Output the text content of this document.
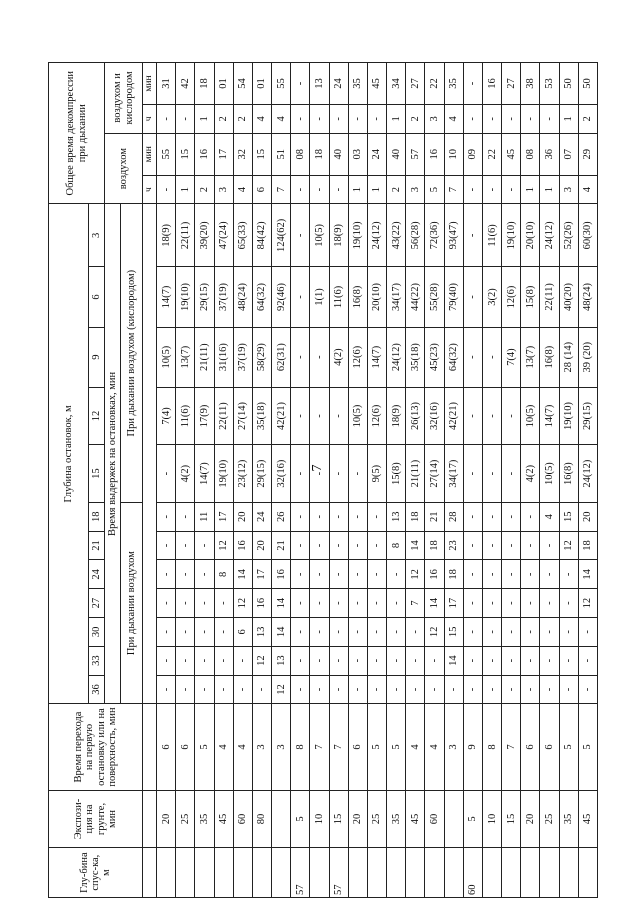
7
Глу-бина спус-ка, м	Экспози-ция на грунте, мин	Время перехода на первую остановку или на поверхность, мин	Глубина остановок, м												Общее время декомпрессии при дыхании			
			36	33	30	27	24	21	18	15	12	9	6	3				
			Время выдержек на остановках, мин												воздухом		воздухом и кислородом	
			При дыхании воздухом							При дыхании воздухом (кислородом)								
															ч	мин	ч	мин
	20	6	-	-	-	-	-	-	-	-	7(4)	10(5)	14(7)	18(9)	-	55	-	31
	25	6	-	-	-	-	-	-	-	4(2)	11(6)	13(7)	19(10)	22(11)	1	15	-	42
	35	5	-	-	-	-	-	-	11	14(7)	17(9)	21(11)	29(15)	39(20)	2	16	1	18
	45	4	-	-	-	-	8	12	17	19(10)	22(11)	31(16)	37(19)	47(24)	3	17	2	01
	60	4	-	-	6	12	14	16	20	23(12)	27(14)	37(19)	48(24)	65(33)	4	32	2	54
	80	3	-	12	13	16	17	20	24	29(15)	35(18)	58(29)	64(32)	84(42)	6	15	4	01
		3	12	13	14	14	16	21	26	32(16)	42(21)	62(31)	92(46)	124(62)	7	51	4	55
57	5	8	-	-	-	-	-	-	-	-	-	-	-	-	-	08	-	-
	10	7	-	-	-	-	-	-	-	-	-	-	1(1)	10(5)	-	18	-	13
57	15	7	-	-	-	-	-	-	-	-	-	4(2)	11(6)	18(9)	-	40	-	24
	20	6	-	-	-	-	-	-	-	-	10(5)	12(6)	16(8)	19(10)	1	03	-	35
	25	5	-	-	-	-	-	-	-	9(5)	12(6)	14(7)	20(10)	24(12)	1	24	-	45
	35	5	-	-	-	-	-	8	13	15(8)	18(9)	24(12)	34(17)	43(22)	2	40	1	34
	45	4	-	-	-	7	12	14	18	21(11)	26(13)	35(18)	44(22)	56(28)	3	57	2	27
	60	4	-	-	12	14	16	18	21	27(14)	32(16)	45(23)	55(28)	72(36)	5	16	3	22
		3	-	14	15	17	18	23	28	34(17)	42(21)	64(32)	79(40)	93(47)	7	10	4	35
60	5	9	-	-	-	-	-	-	-	-	-	-	-	-	-	09	-	-
	10	8	-	-	-	-	-	-	-	-	-	-	3(2)	11(6)	-	22	-	16
	15	7	-	-	-	-	-	-	-	-	-	7(4)	12(6)	19(10)	-	45	-	27
	20	6	-	-	-	-	-	-	-	4(2)	10(5)	13(7)	15(8)	20(10)	1	08	-	38
	25	6	-	-	-	-	-	-	4	10(5)	14(7)	16(8)	22(11)	24(12)	1	36	-	53
	35	5	-	-	-	-	-	12	15	16(8)	19(10)	28 (14)	40(20)	52(26)	3	07	1	50
	45	5	-	-	-	12	14	18	20	24(12)	29(15)	39 (20)	48(24)	60(30)	4	29	2	50
